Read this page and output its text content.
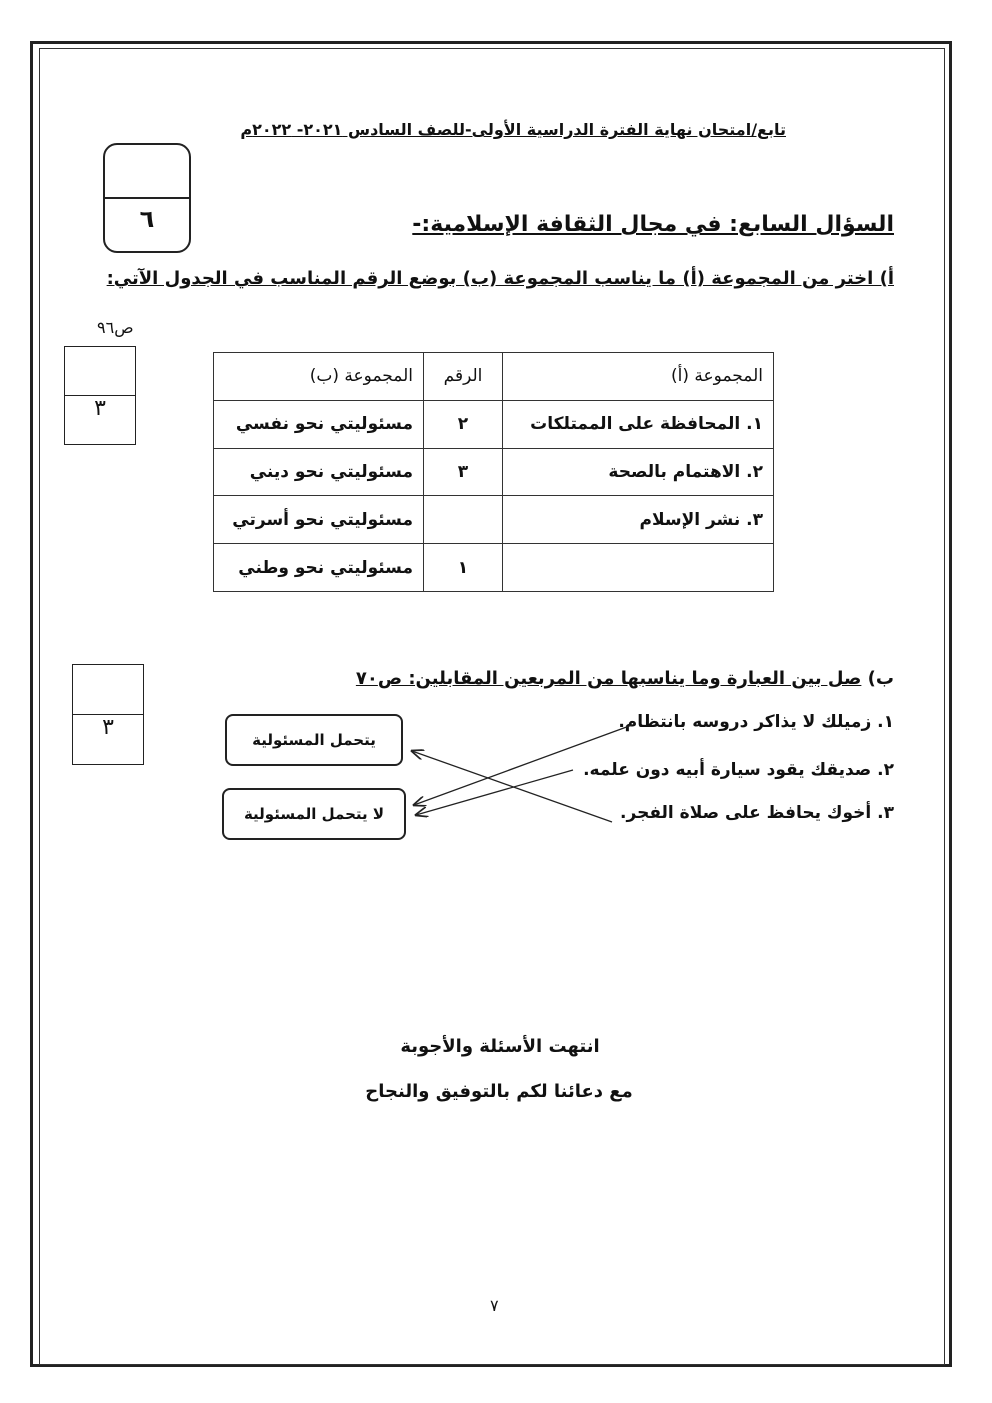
تابع/امتحان نهاية الفترة الدراسية الأولى-للصف السادس ٢٠٢١- ٢٠٢٢م
٦	السؤال السابع: في مجال الثقافة الإسلامية:-
أ) اختر من المجموعة (أ) ما يناسب المجموعة (ب) بوضع الرقم المناسب في الجدول الآتي:
ص٩٦
٣
المجموعة (أ)	الرقم	المجموعة (ب)
١. المحافظة على الممتلكات	٢	مسئوليتي نحو نفسي
٢. الاهتمام بالصحة	٣	مسئوليتي نحو ديني
٣. نشر الإسلام		مسئوليتي نحو أسرتي
	١	مسئوليتي نحو وطني
ب) صل بين العبارة وما يناسبها من المربعين المقابلين: ص٧٠
٣	١. زميلك لا يذاكر دروسه بانتظام.
٢. صديقك يقود سيارة أبيه دون علمه.
٣. أخوك يحافظ على صلاة الفجر.
يتحمل المسئولية
لا يتحمل المسئولية
انتهت الأسئلة والأجوبة
مع دعائنا لكم بالتوفيق والنجاح
٧
